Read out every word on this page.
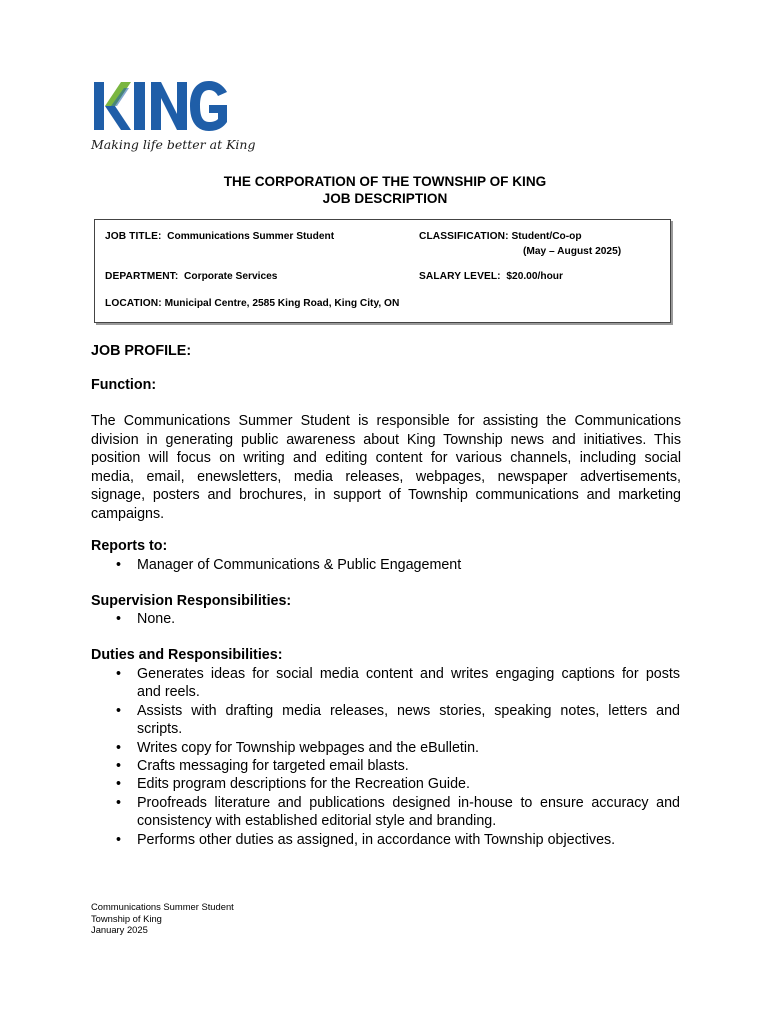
Making life better at King
THE CORPORATION OF THE TOWNSHIP OF KING
JOB DESCRIPTION
JOB TITLE: Communications Summer Student	CLASSIFICATION: Student/Co-op
(May – August 2025)
DEPARTMENT: Corporate Services	SALARY LEVEL: $20.00/hour
LOCATION: Municipal Centre, 2585 King Road, King City, ON
JOB PROFILE:
Function:
The Communications Summer Student is responsible for assisting the Communications
division in generating public awareness about King Township news and initiatives. This
position will focus on writing and editing content for various channels, including social
media, email, enewsletters, media releases, webpages, newspaper advertisements,
signage, posters and brochures, in support of Township communications and marketing
campaigns.
Reports to:
• Manager of Communications & Public Engagement
Supervision Responsibilities:
• None.
Duties and Responsibilities:
• Generates ideas for social media content and writes engaging captions for posts
and reels.
• Assists with drafting media releases, news stories, speaking notes, letters and
scripts.
• Writes copy for Township webpages and the eBulletin.
• Crafts messaging for targeted email blasts.
• Edits program descriptions for the Recreation Guide.
• Proofreads literature and publications designed in-house to ensure accuracy and
consistency with established editorial style and branding.
• Performs other duties as assigned, in accordance with Township objectives.
Communications Summer Student
Township of King
January 2025
